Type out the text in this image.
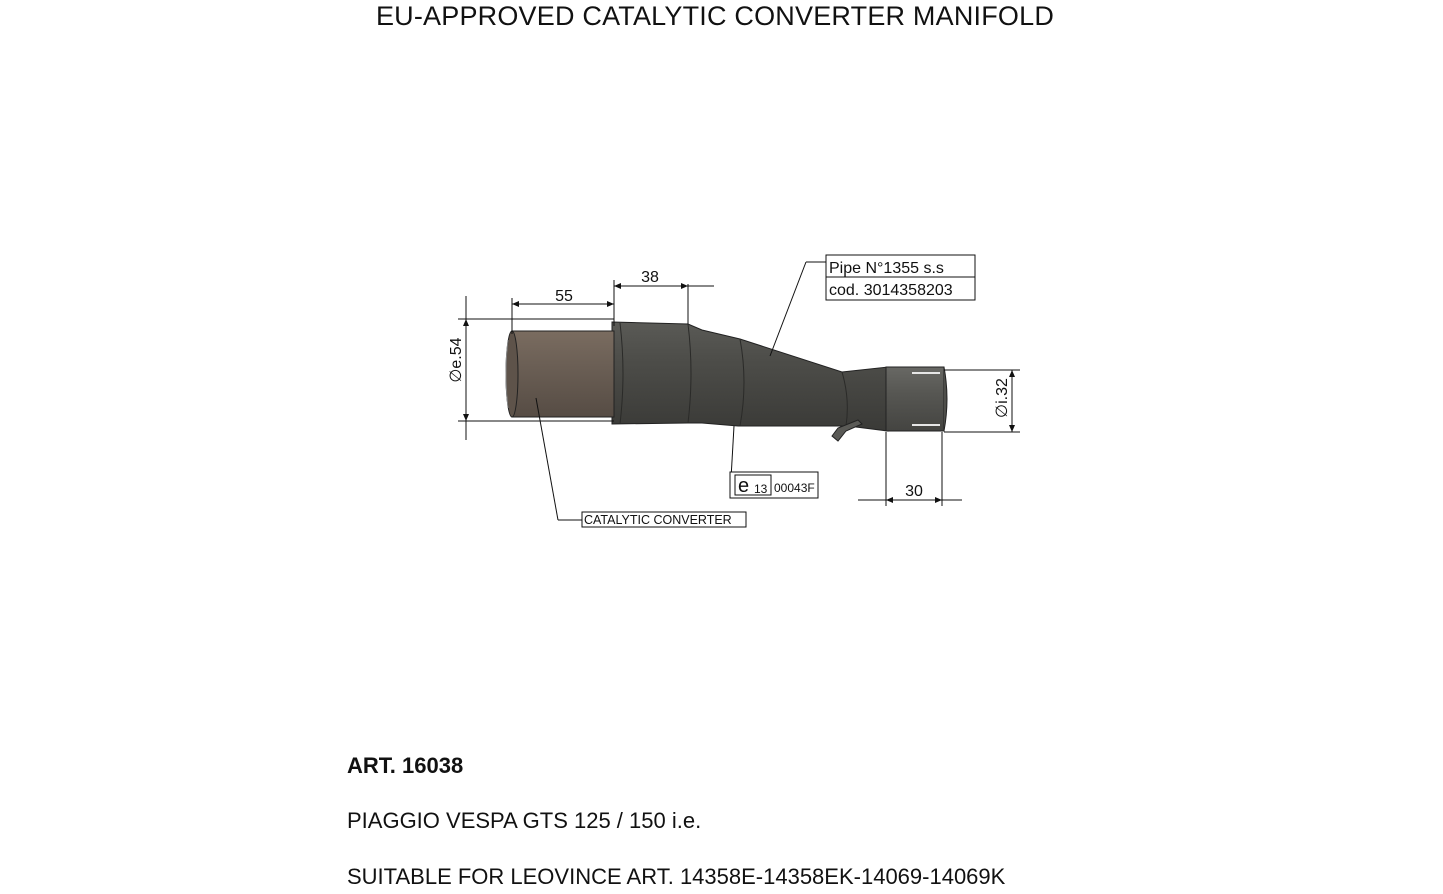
EU-APPROVED CATALYTIC CONVERTER MANIFOLD
55
38
∅e.54
∅i.32
30
Pipe N°1355 s.s
cod. 3014358203
e 13 00043F
CATALYTIC CONVERTER
ART. 16038
PIAGGIO VESPA GTS 125 / 150 i.e.
SUITABLE FOR LEOVINCE ART. 14358E-14358EK-14069-14069K
